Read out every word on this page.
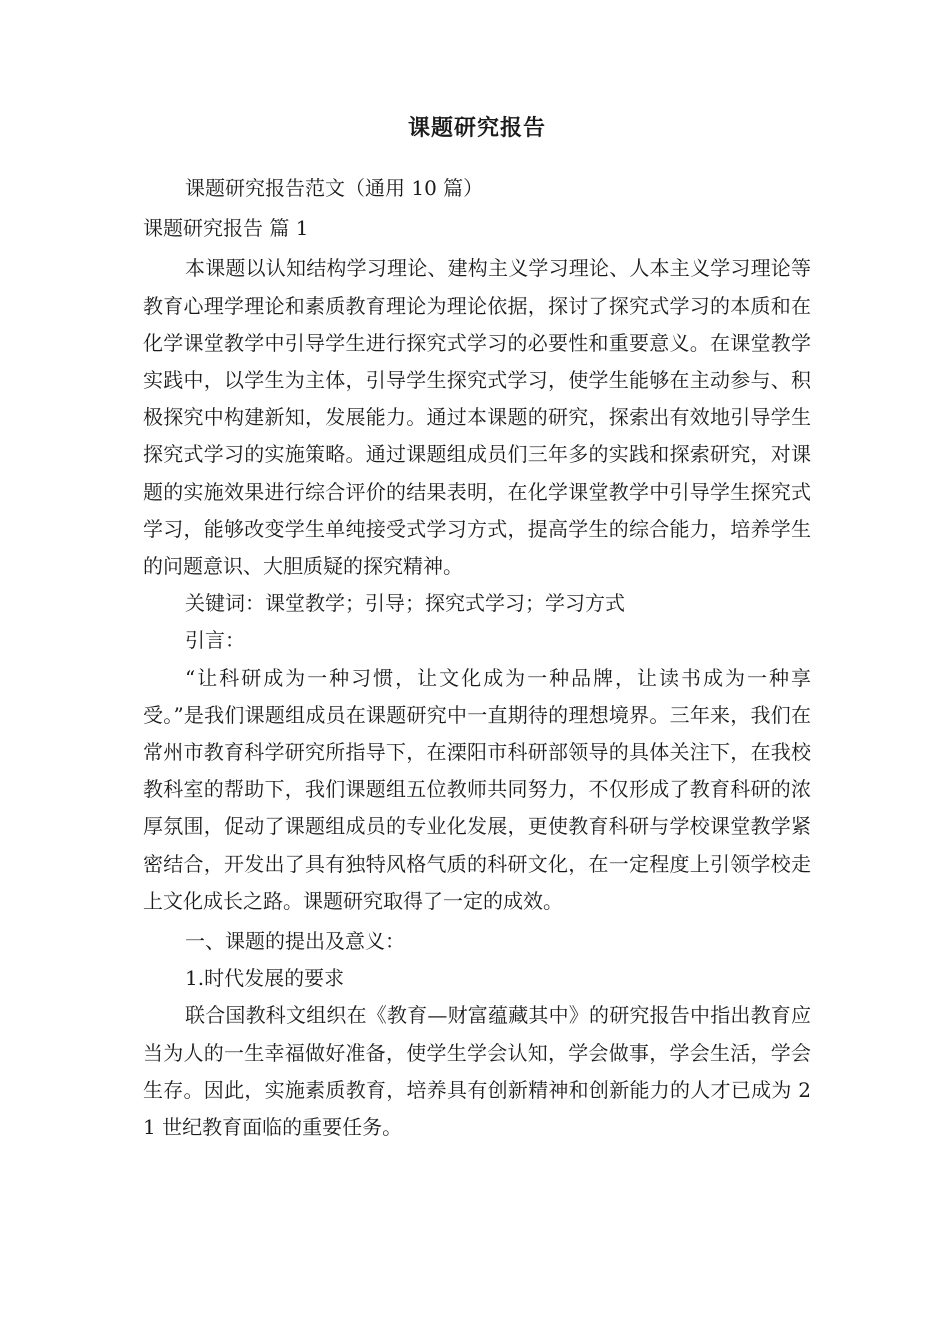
课题研究报告

课题研究报告范文（通用 10 篇）

课题研究报告 篇 1

本课题以认知结构学习理论、建构主义学习理论、人本主义学习理论等教育心理学理论和素质教育理论为理论依据，探讨了探究式学习的本质和在化学课堂教学中引导学生进行探究式学习的必要性和重要意义。在课堂教学实践中，以学生为主体，引导学生探究式学习，使学生能够在主动参与、积极探究中构建新知，发展能力。通过本课题的研究，探索出有效地引导学生探究式学习的实施策略。通过课题组成员们三年多的实践和探索研究，对课题的实施效果进行综合评价的结果表明，在化学课堂教学中引导学生探究式学习，能够改变学生单纯接受式学习方式，提高学生的综合能力，培养学生的问题意识、大胆质疑的探究精神。

关键词：课堂教学；引导；探究式学习；学习方式

引言：

“让科研成为一种习惯，让文化成为一种品牌，让读书成为一种享受。”是我们课题组成员在课题研究中一直期待的理想境界。三年来，我们在常州市教育科学研究所指导下，在溧阳市科研部领导的具体关注下，在我校教科室的帮助下，我们课题组五位教师共同努力，不仅形成了教育科研的浓厚氛围，促动了课题组成员的专业化发展，更使教育科研与学校课堂教学紧密结合，开发出了具有独特风格气质的科研文化，在一定程度上引领学校走上文化成长之路。课题研究取得了一定的成效。

一、课题的提出及意义：

1.时代发展的要求

联合国教科文组织在《教育—财富蕴藏其中》的研究报告中指出教育应当为人的一生幸福做好准备，使学生学会认知，学会做事，学会生活，学会生存。因此，实施素质教育，培养具有创新精神和创新能力的人才已成为 21 世纪教育面临的重要任务。
